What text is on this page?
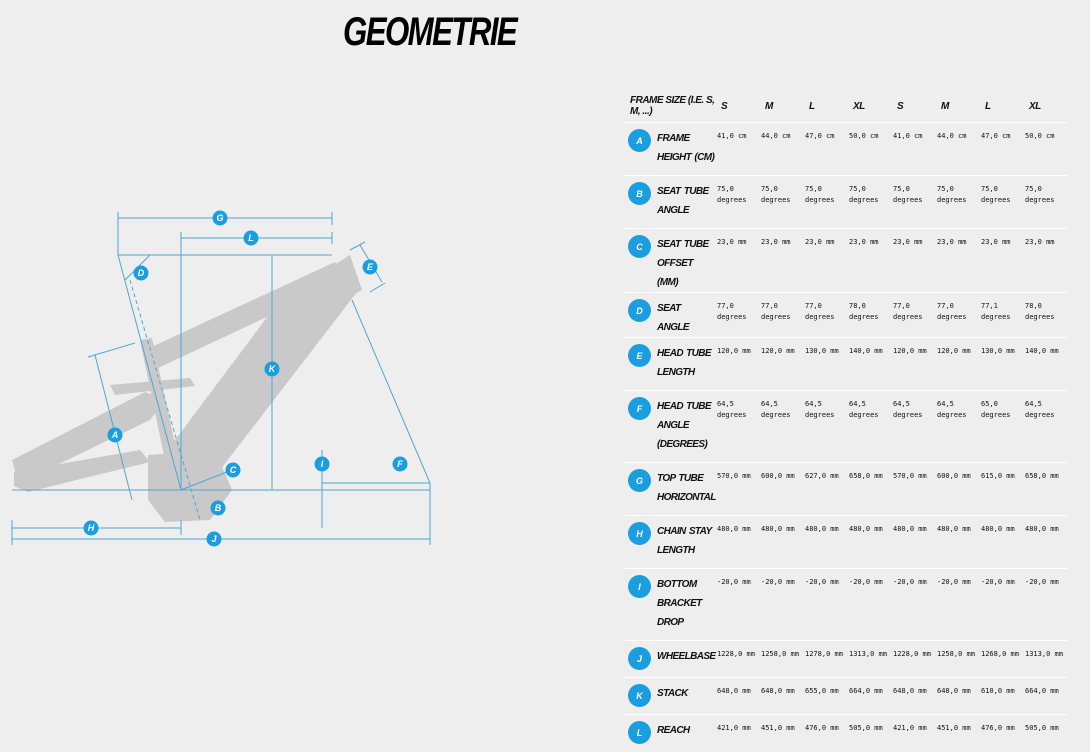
GEOMETRIE
A
B
C
D
E
F
G
H
I
J
K
L
FRAME SIZE (I.E. S, M, ...)	S	M	L	XL	S	M	L	XL

A FRAME HEIGHT (CM)	41,0 cm	44,0 cm	47,0 cm	50,0 cm	41,0 cm	44,0 cm	47,0 cm	50,0 cm

B SEAT TUBE ANGLE	75,0 degrees	75,0 degrees	75,0 degrees	75,0 degrees	75,0 degrees	75,0 degrees	75,0 degrees	75,0 degrees

C SEAT TUBE OFFSET (MM)	23,0 mm	23,0 mm	23,0 mm	23,0 mm	23,0 mm	23,0 mm	23,0 mm	23,0 mm

D SEAT ANGLE	77,0 degrees	77,0 degrees	77,0 degrees	78,0 degrees	77,0 degrees	77,0 degrees	77,1 degrees	78,0 degrees

E HEAD TUBE LENGTH	120,0 mm	120,0 mm	130,0 mm	140,0 mm	120,0 mm	120,0 mm	130,0 mm	140,0 mm

F HEAD TUBE ANGLE (DEGREES)	64,5 degrees	64,5 degrees	64,5 degrees	64,5 degrees	64,5 degrees	64,5 degrees	65,0 degrees	64,5 degrees

G TOP TUBE HORIZONTAL	570,0 mm	600,0 mm	627,0 mm	658,0 mm	570,0 mm	600,0 mm	615,0 mm	658,0 mm

H CHAIN STAY LENGTH	480,0 mm	480,0 mm	480,0 mm	480,0 mm	480,0 mm	480,0 mm	480,0 mm	480,0 mm

I BOTTOM BRACKET DROP	-20,0 mm	-20,0 mm	-20,0 mm	-20,0 mm	-20,0 mm	-20,0 mm	-20,0 mm	-20,0 mm

J WHEELBASE	1228,0 mm	1258,0 mm	1278,0 mm	1313,0 mm	1228,0 mm	1258,0 mm	1268,0 mm	1313,0 mm

K STACK	648,0 mm	648,0 mm	655,0 mm	664,0 mm	648,0 mm	648,0 mm	610,0 mm	664,0 mm

L REACH	421,0 mm	451,0 mm	476,0 mm	505,0 mm	421,0 mm	451,0 mm	476,0 mm	505,0 mm
